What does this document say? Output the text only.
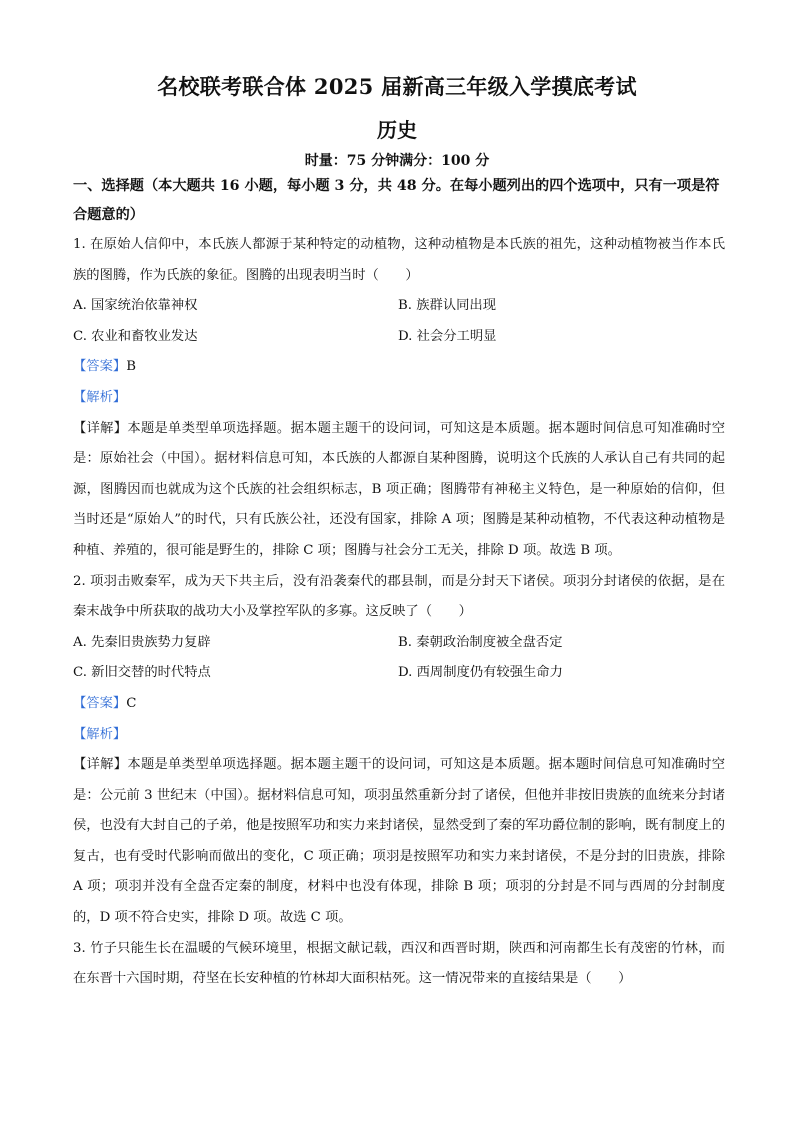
名校联考联合体 2025 届新高三年级入学摸底考试
历史
时量：75 分钟满分：100 分

一、选择题（本大题共 16 小题，每小题 3 分，共 48 分。在每小题列出的四个选项中，只有一项是符合题意的）

1. 在原始人信仰中，本氏族人都源于某种特定的动植物，这种动植物是本氏族的祖先，这种动植物被当作本氏族的图腾，作为氏族的象征。图腾的出现表明当时（　　）

A. 国家统治依靠神权	B. 族群认同出现
C. 农业和畜牧业发达	D. 社会分工明显

【答案】B

【解析】

【详解】本题是单类型单项选择题。据本题主题干的设问词，可知这是本质题。据本题时间信息可知准确时空是：原始社会（中国）。据材料信息可知，本氏族的人都源自某种图腾，说明这个氏族的人承认自己有共同的起源，图腾因而也就成为这个氏族的社会组织标志，B 项正确；图腾带有神秘主义特色，是一种原始的信仰，但当时还是“原始人”的时代，只有氏族公社，还没有国家，排除 A 项；图腾是某种动植物，不代表这种动植物是种植、养殖的，很可能是野生的，排除 C 项；图腾与社会分工无关，排除 D 项。故选 B 项。

2. 项羽击败秦军，成为天下共主后，没有沿袭秦代的郡县制，而是分封天下诸侯。项羽分封诸侯的依据，是在秦末战争中所获取的战功大小及掌控军队的多寡。这反映了（　　）

A. 先秦旧贵族势力复辟	B. 秦朝政治制度被全盘否定
C. 新旧交替的时代特点	D. 西周制度仍有较强生命力

【答案】C

【解析】

【详解】本题是单类型单项选择题。据本题主题干的设问词，可知这是本质题。据本题时间信息可知准确时空是：公元前 3 世纪末（中国）。据材料信息可知，项羽虽然重新分封了诸侯，但他并非按旧贵族的血统来分封诸侯，也没有大封自己的子弟，他是按照军功和实力来封诸侯，显然受到了秦的军功爵位制的影响，既有制度上的复古，也有受时代影响而做出的变化，C 项正确；项羽是按照军功和实力来封诸侯，不是分封的旧贵族，排除 A 项；项羽并没有全盘否定秦的制度，材料中也没有体现，排除 B 项；项羽的分封是不同与西周的分封制度的，D 项不符合史实，排除 D 项。故选 C 项。

3. 竹子只能生长在温暖的气候环境里，根据文献记载，西汉和西晋时期，陕西和河南都生长有茂密的竹林，而在东晋十六国时期，苻坚在长安种植的竹林却大面积枯死。这一情况带来的直接结果是（　　）
